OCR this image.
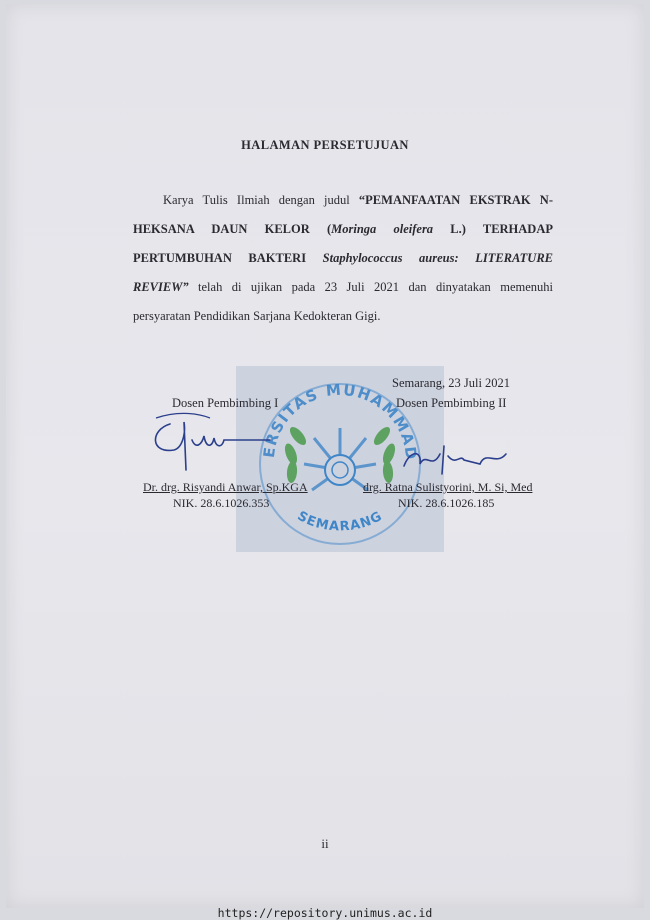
HALAMAN PERSETUJUAN
Karya Tulis Ilmiah dengan judul “PEMANFAATAN EKSTRAK N-
HEKSANA DAUN KELOR (Moringa oleifera L.) TERHADAP
PERTUMBUHAN BAKTERI Staphylococcus aureus: LITERATURE
REVIEW” telah di ujikan pada 23 Juli 2021 dan dinyatakan memenuhi
persyaratan Pendidikan Sarjana Kedokteran Gigi.
ERSITAS MUHAMMAD
SEMARANG
Semarang, 23 Juli 2021
Dosen Pembimbing I	Dosen Pembimbing II
Dr. drg. Risyandi Anwar, Sp.KGA
NIK. 28.6.1026.353
drg. Ratna Sulistyorini, M. Si, Med
NIK. 28.6.1026.185
ii
https://repository.unimus.ac.id
